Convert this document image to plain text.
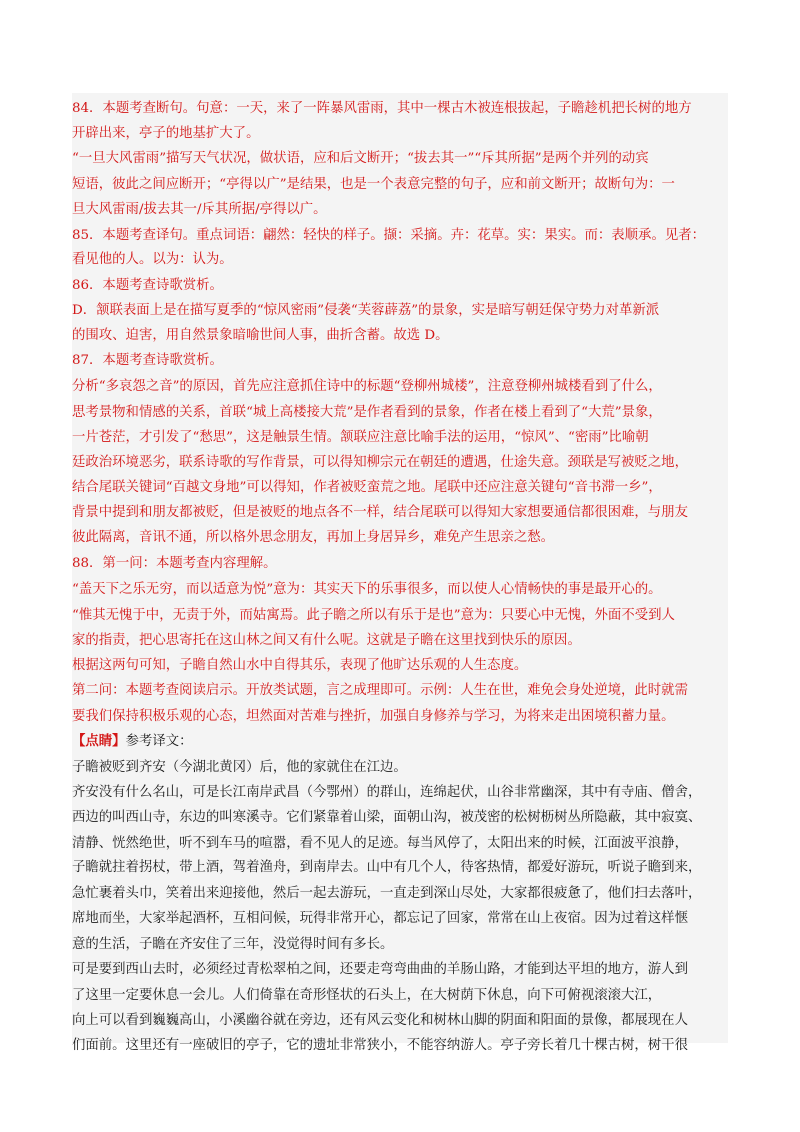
84．本题考查断句。句意：一天，来了一阵暴风雷雨，其中一棵古木被连根拔起，子瞻趁机把长树的地方
开辟出来，亭子的地基扩大了。
“一旦大风雷雨”描写天气状况，做状语，应和后文断开；“拔去其一”“斥其所据”是两个并列的动宾
短语，彼此之间应断开；“亭得以广”是结果，也是一个表意完整的句子，应和前文断开；故断句为：一
旦大风雷雨/拔去其一/斥其所据/亭得以广。
85．本题考查译句。重点词语：翩然：轻快的样子。撷：采摘。卉：花草。实：果实。而：表顺承。见者：
看见他的人。以为：认为。
86．本题考查诗歌赏析。
D．颔联表面上是在描写夏季的“惊风密雨”侵袭“芙蓉薜荔”的景象，实是暗写朝廷保守势力对革新派
的围攻、迫害，用自然景象暗喻世间人事，曲折含蓄。故选 D。
87．本题考查诗歌赏析。
分析“多哀怨之音”的原因，首先应注意抓住诗中的标题“登柳州城楼”，注意登柳州城楼看到了什么，
思考景物和情感的关系，首联“城上高楼接大荒”是作者看到的景象，作者在楼上看到了“大荒”景象，
一片苍茫，才引发了“愁思”，这是触景生情。颔联应注意比喻手法的运用，“惊风”、“密雨”比喻朝
廷政治环境恶劣，联系诗歌的写作背景，可以得知柳宗元在朝廷的遭遇，仕途失意。颈联是写被贬之地，
结合尾联关键词“百越文身地”可以得知，作者被贬蛮荒之地。尾联中还应注意关键句“音书滞一乡”，
背景中提到和朋友都被贬，但是被贬的地点各不一样，结合尾联可以得知大家想要通信都很困难，与朋友
彼此隔离，音讯不通，所以格外思念朋友，再加上身居异乡，难免产生思亲之愁。
88．第一问：本题考查内容理解。
“盖天下之乐无穷，而以适意为悦”意为：其实天下的乐事很多，而以使人心情畅快的事是最开心的。
“惟其无愧于中，无责于外，而姑寓焉。此子瞻之所以有乐于是也”意为：只要心中无愧，外面不受到人
家的指责，把心思寄托在这山林之间又有什么呢。这就是子瞻在这里找到快乐的原因。
根据这两句可知，子瞻自然山水中自得其乐，表现了他旷达乐观的人生态度。
第二问：本题考查阅读启示。开放类试题，言之成理即可。示例：人生在世，难免会身处逆境，此时就需
要我们保持积极乐观的心态，坦然面对苦难与挫折，加强自身修养与学习，为将来走出困境积蓄力量。
【点睛】参考译文：
子瞻被贬到齐安（今湖北黄冈）后，他的家就住在江边。
齐安没有什么名山，可是长江南岸武昌（今鄂州）的群山，连绵起伏，山谷非常幽深，其中有寺庙、僧舍，
西边的叫西山寺，东边的叫寒溪寺。它们紧靠着山梁，面朝山沟，被茂密的松树枥树丛所隐蔽，其中寂寞、
清静、恍然绝世，听不到车马的喧嚣，看不见人的足迹。每当风停了，太阳出来的时候，江面波平浪静，
子瞻就拄着拐杖，带上酒，驾着渔舟，到南岸去。山中有几个人，待客热情，都爱好游玩，听说子瞻到来，
急忙裹着头巾，笑着出来迎接他，然后一起去游玩，一直走到深山尽处，大家都很疲惫了，他们扫去落叶，
席地而坐，大家举起酒杯，互相问候，玩得非常开心，都忘记了回家，常常在山上夜宿。因为过着这样惬
意的生活，子瞻在齐安住了三年，没觉得时间有多长。
可是要到西山去时，必须经过青松翠柏之间，还要走弯弯曲曲的羊肠山路，才能到达平坦的地方，游人到
了这里一定要休息一会儿。人们倚靠在奇形怪状的石头上，在大树荫下休息，向下可俯视滚滚大江，
向上可以看到巍巍高山，小溪幽谷就在旁边，还有风云变化和树林山脚的阴面和阳面的景像，都展现在人
们面前。这里还有一座破旧的亭子，它的遗址非常狭小，不能容纳游人。亭子旁长着几十棵古树，树干很
